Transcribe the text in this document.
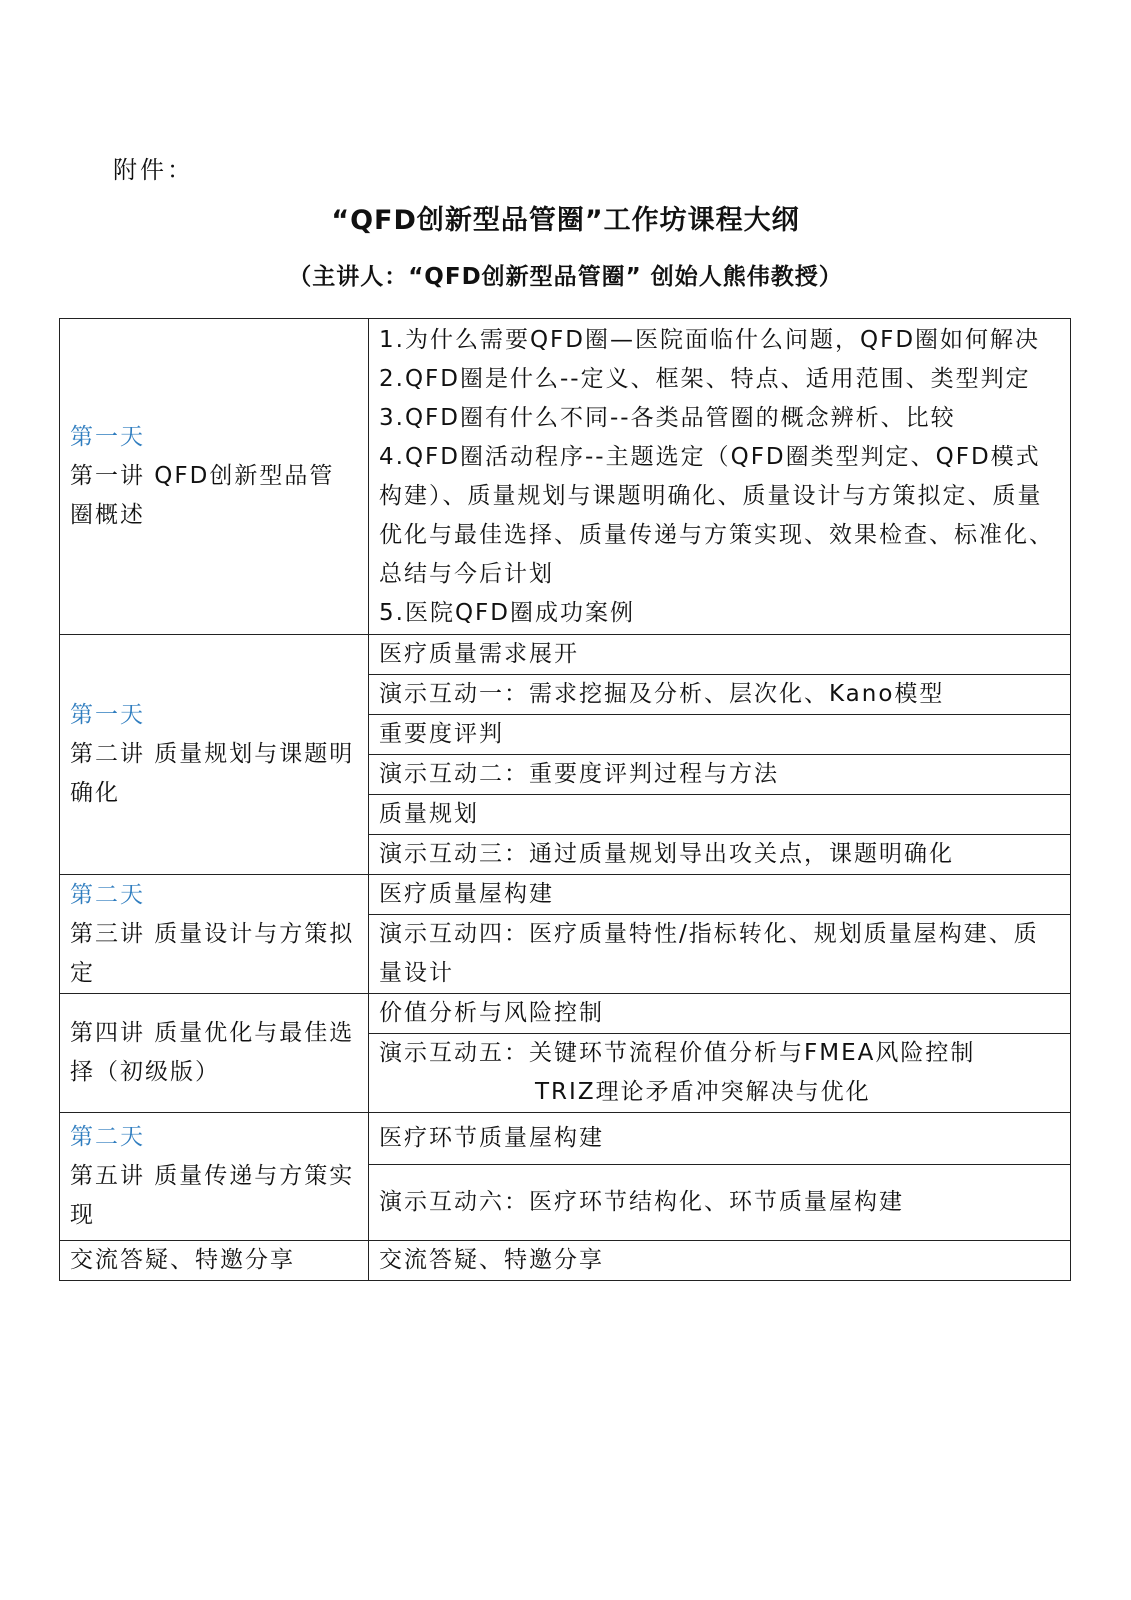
附件：
“QFD创新型品管圈”工作坊课程大纲
（主讲人：“QFD创新型品管圈” 创始人熊伟教授）
第一天
第一讲 QFD创新型品管圈概述	1.为什么需要QFD圈—医院面临什么问题，QFD圈如何解决
2.QFD圈是什么--定义、框架、特点、适用范围、类型判定
3.QFD圈有什么不同--各类品管圈的概念辨析、比较
4.QFD圈活动程序--主题选定（QFD圈类型判定、QFD模式构建）、质量规划与课题明确化、质量设计与方策拟定、质量优化与最佳选择、质量传递与方策实现、效果检查、标准化、总结与今后计划
5.医院QFD圈成功案例

第一天
第二讲 质量规划与课题明确化	医疗质量需求展开
	演示互动一：需求挖掘及分析、层次化、Kano模型
	重要度评判
	演示互动二：重要度评判过程与方法
	质量规划
	演示互动三：通过质量规划导出攻关点，课题明确化

第二天
第三讲 质量设计与方策拟定	医疗质量屋构建
	演示互动四：医疗质量特性/指标转化、规划质量屋构建、质量设计

第四讲 质量优化与最佳选择（初级版）	价值分析与风险控制

	演示互动五：关键环节流程价值分析与FMEA风险控制
TRIZ理论矛盾冲突解决与优化

第二天
第五讲 质量传递与方策实现	医疗环节质量屋构建
	演示互动六：医疗环节结构化、环节质量屋构建

交流答疑、特邀分享	交流答疑、特邀分享
